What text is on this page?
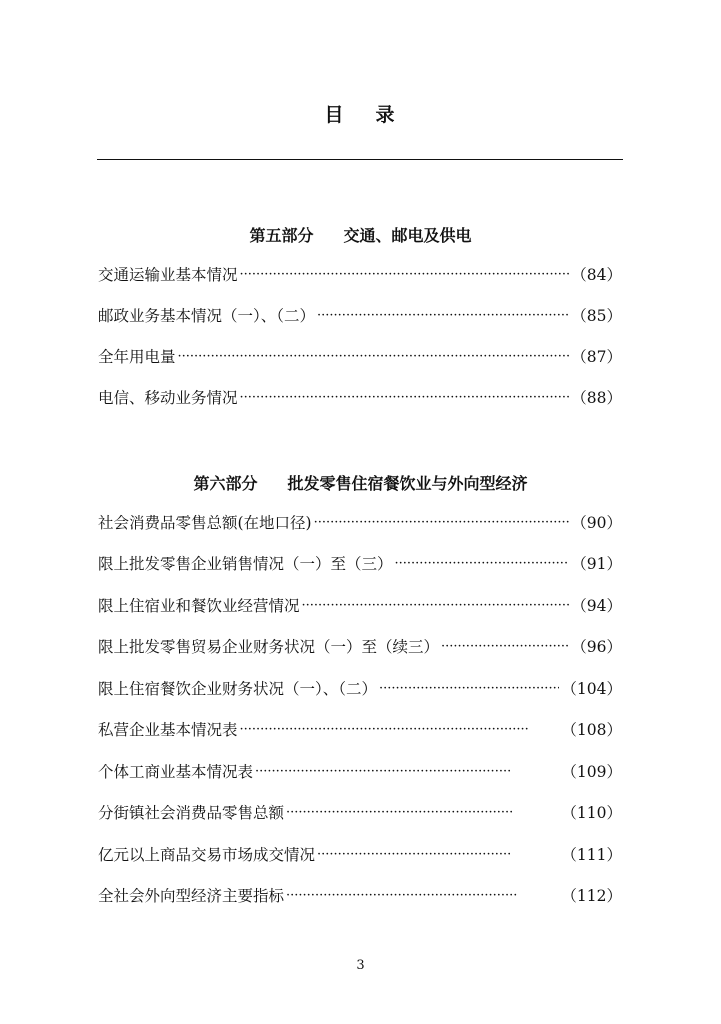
目 录
第五部分 交通、邮电及供电
交通运输业基本情况 ·····	（84）
邮政业务基本情况（一）、（二） ·····	（85）
全年用电量 ·····	（87）
电信、移动业务情况 ·····	（88）
第六部分 批发零售住宿餐饮业与外向型经济
社会消费品零售总额(在地口径) ·····	（90）
限上批发零售企业销售情况（一）至（三） ·····	（91）
限上住宿业和餐饮业经营情况 ·····	（94）
限上批发零售贸易企业财务状况（一）至（续三） ·····	（96）
限上住宿餐饮企业财务状况（一）、（二） ·····	（104）
私营企业基本情况表 ·····	（108）
个体工商业基本情况表 ·····	（109）
分街镇社会消费品零售总额 ·····	（110）
亿元以上商品交易市场成交情况 ·····	（111）
全社会外向型经济主要指标 ·····	（112）
3
